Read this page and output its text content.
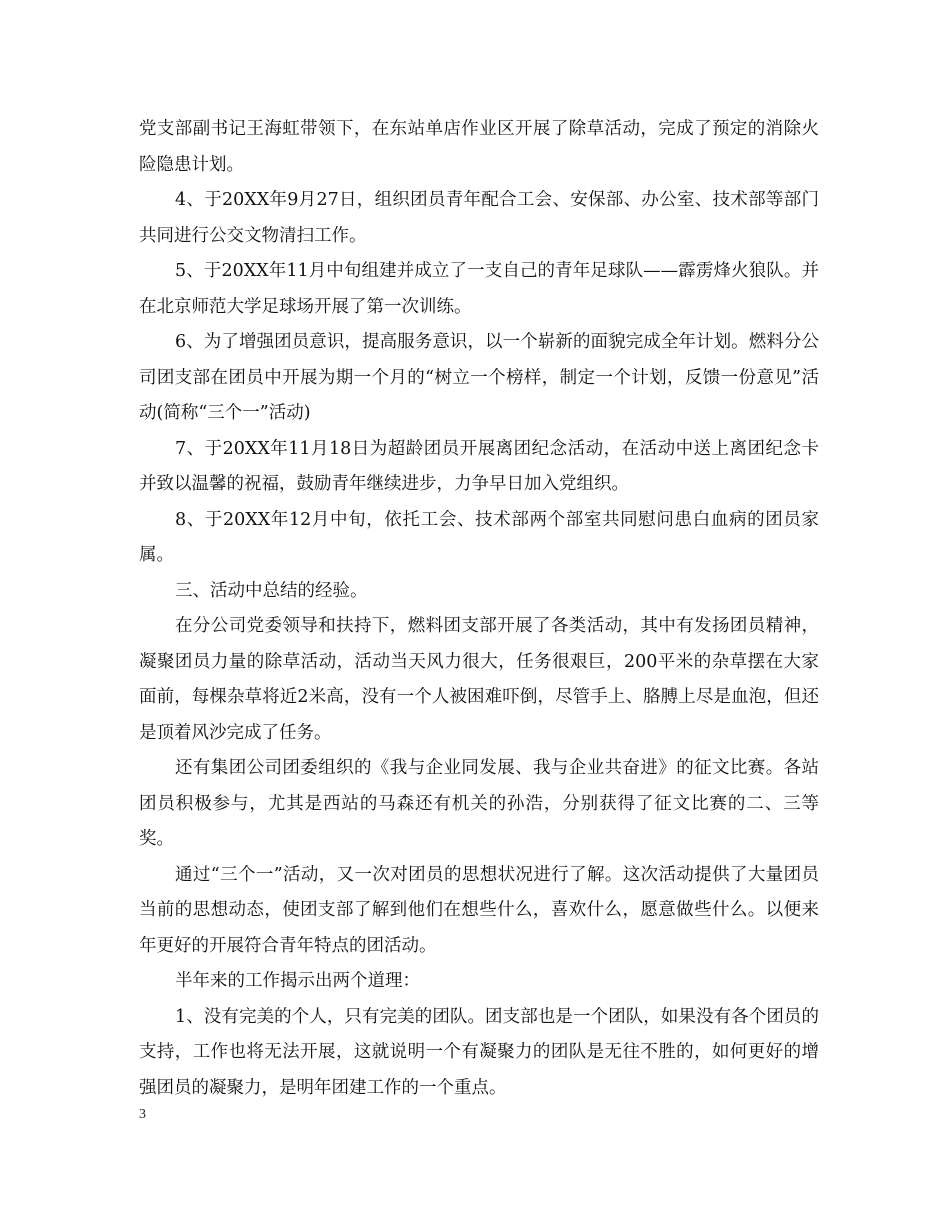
党支部副书记王海虹带领下，在东站单店作业区开展了除草活动，完成了预定的消除火险隐患计划。

4、于20XX年9月27日，组织团员青年配合工会、安保部、办公室、技术部等部门共同进行公交文物清扫工作。

5、于20XX年11月中旬组建并成立了一支自己的青年足球队——霹雳烽火狼队。并在北京师范大学足球场开展了第一次训练。

6、为了增强团员意识，提高服务意识，以一个崭新的面貌完成全年计划。燃料分公司团支部在团员中开展为期一个月的“树立一个榜样，制定一个计划，反馈一份意见”活动(简称“三个一”活动)

7、于20XX年11月18日为超龄团员开展离团纪念活动，在活动中送上离团纪念卡并致以温馨的祝福，鼓励青年继续进步，力争早日加入党组织。

8、于20XX年12月中旬，依托工会、技术部两个部室共同慰问患白血病的团员家属。

三、活动中总结的经验。

在分公司党委领导和扶持下，燃料团支部开展了各类活动，其中有发扬团员精神，凝聚团员力量的除草活动，活动当天风力很大，任务很艰巨，200平米的杂草摆在大家面前，每棵杂草将近2米高，没有一个人被困难吓倒，尽管手上、胳膊上尽是血泡，但还是顶着风沙完成了任务。

还有集团公司团委组织的《我与企业同发展、我与企业共奋进》的征文比赛。各站团员积极参与，尤其是西站的马森还有机关的孙浩，分别获得了征文比赛的二、三等奖。

通过“三个一”活动，又一次对团员的思想状况进行了解。这次活动提供了大量团员当前的思想动态，使团支部了解到他们在想些什么，喜欢什么，愿意做些什么。以便来年更好的开展符合青年特点的团活动。

半年来的工作揭示出两个道理：

1、没有完美的个人，只有完美的团队。团支部也是一个团队，如果没有各个团员的支持，工作也将无法开展，这就说明一个有凝聚力的团队是无往不胜的，如何更好的增强团员的凝聚力，是明年团建工作的一个重点。

3
